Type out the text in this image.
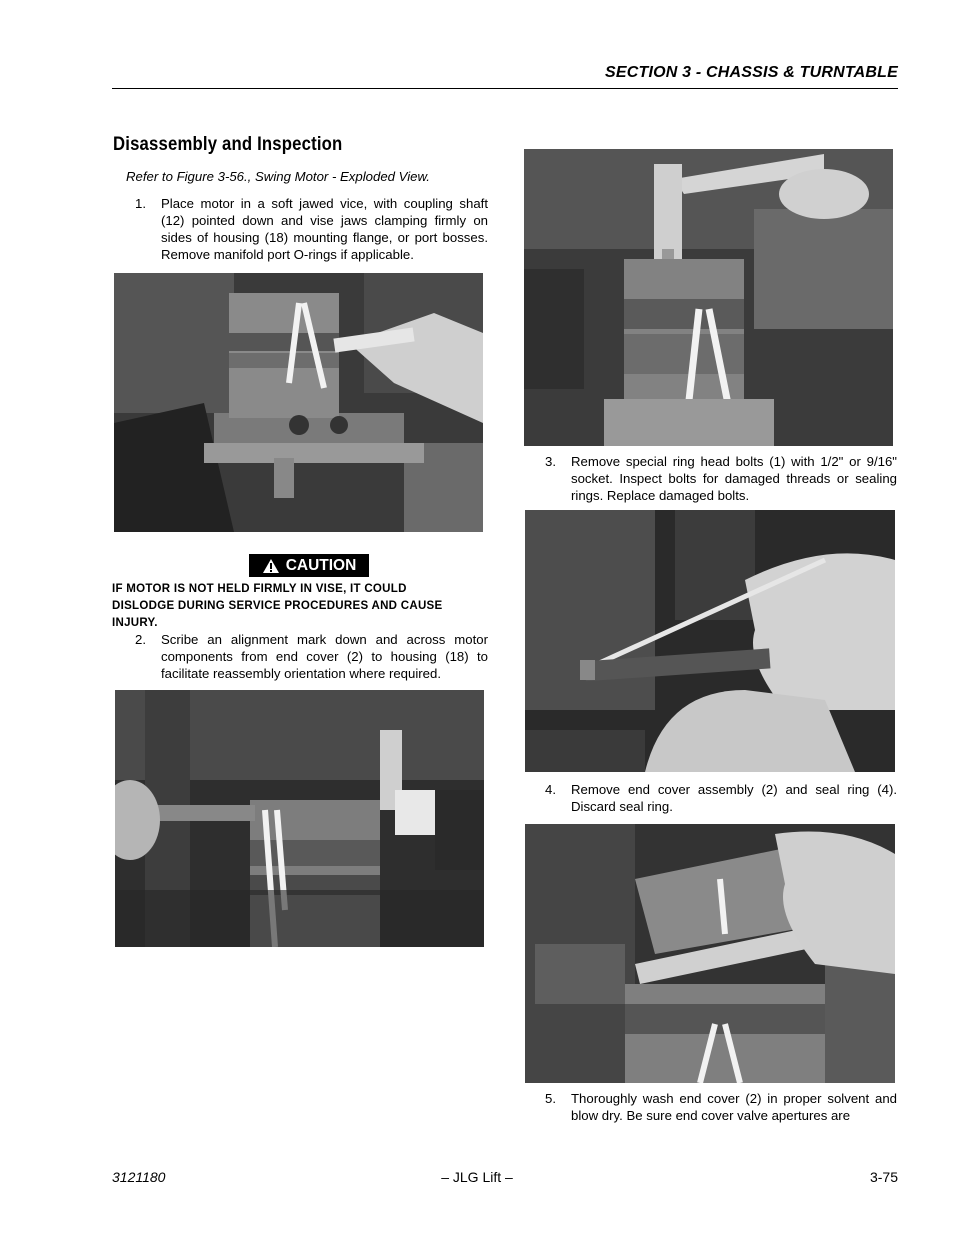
SECTION 3 - CHASSIS & TURNTABLE
Disassembly and Inspection
Refer to Figure 3-56., Swing Motor - Exploded View.
1. Place motor in a soft jawed vice, with coupling shaft (12) pointed down and vise jaws clamping firmly on sides of housing (18) mounting flange, or port bosses. Remove manifold port O-rings if applicable.
CAUTION
IF MOTOR IS NOT HELD FIRMLY IN VISE, IT COULD DISLODGE DURING SERVICE PROCEDURES AND CAUSE INJURY.
2. Scribe an alignment mark down and across motor components from end cover (2) to housing (18) to facilitate reassembly orientation where required.
3. Remove special ring head bolts (1) with 1/2" or 9/16" socket. Inspect bolts for damaged threads or sealing rings. Replace damaged bolts.
4. Remove end cover assembly (2) and seal ring (4). Discard seal ring.
5. Thoroughly wash end cover (2) in proper solvent and blow dry. Be sure end cover valve apertures are
3121180	– JLG Lift –	3-75
